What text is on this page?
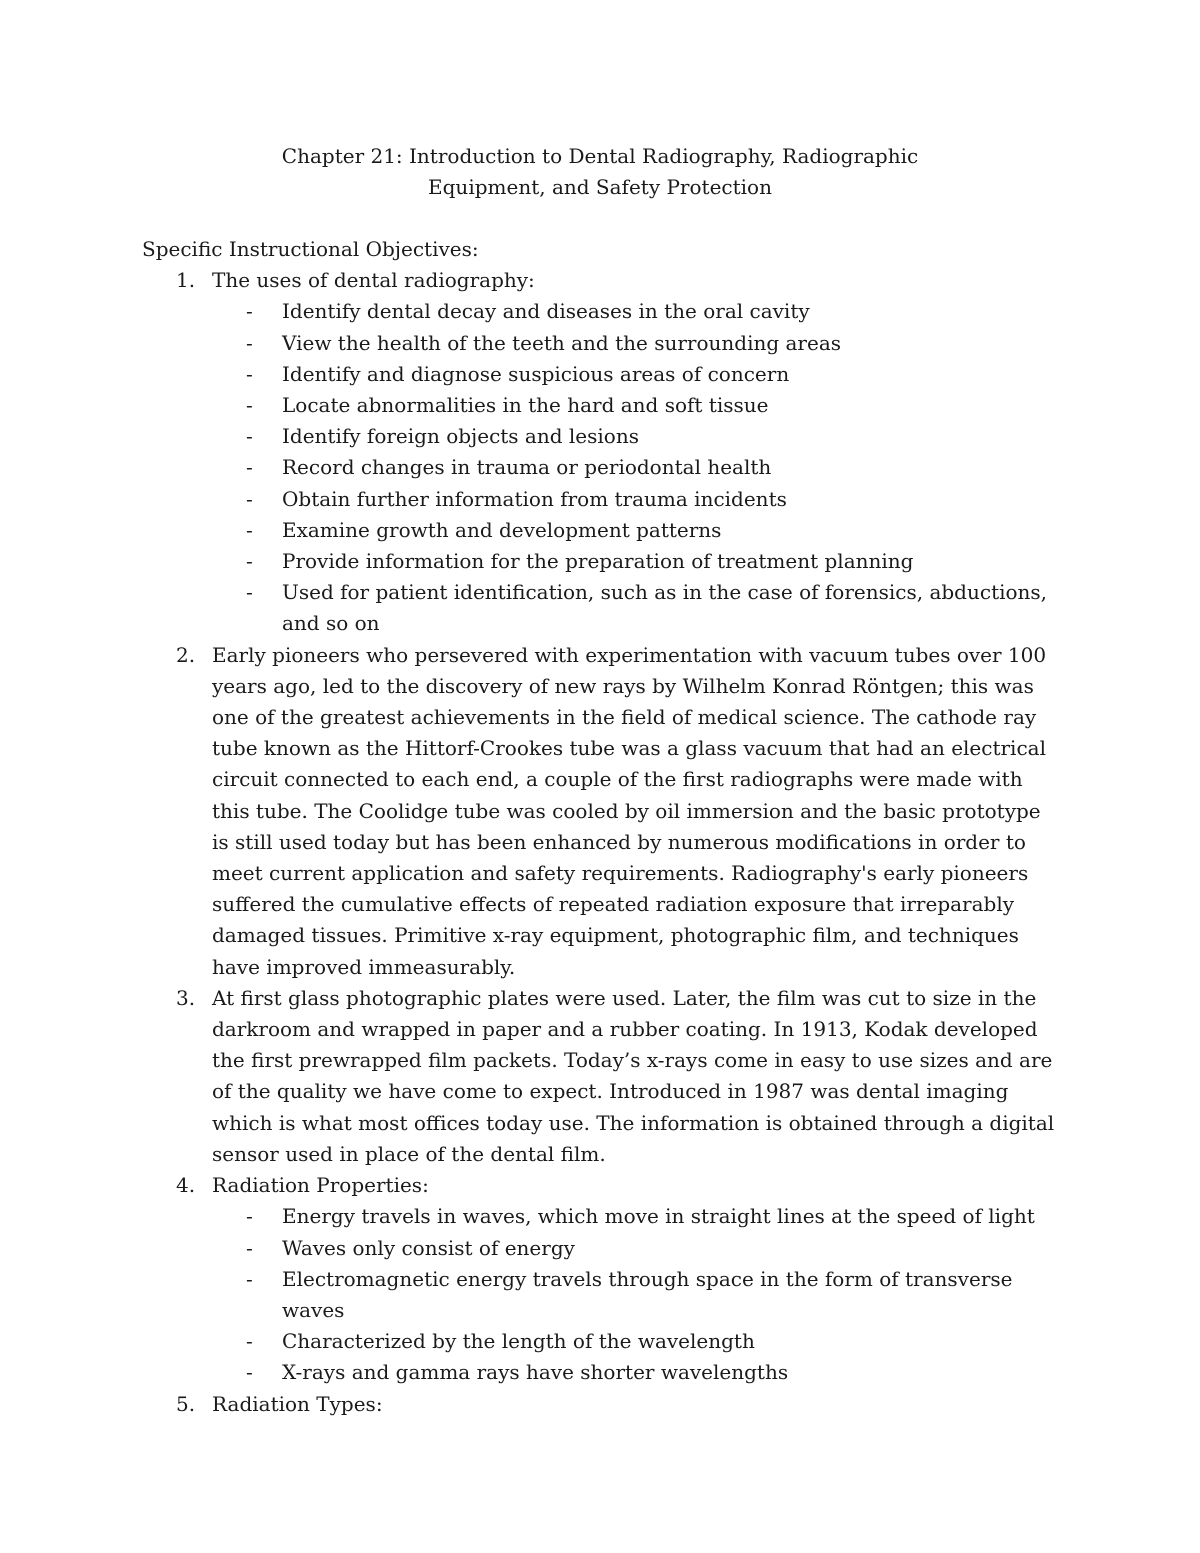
Chapter 21: Introduction to Dental Radiography, Radiographic
Equipment, and Safety Protection
Specific Instructional Objectives:
1. The uses of dental radiography:
- Identify dental decay and diseases in the oral cavity
- View the health of the teeth and the surrounding areas
- Identify and diagnose suspicious areas of concern
- Locate abnormalities in the hard and soft tissue
- Identify foreign objects and lesions
- Record changes in trauma or periodontal health
- Obtain further information from trauma incidents
- Examine growth and development patterns
- Provide information for the preparation of treatment planning
- Used for patient identification, such as in the case of forensics, abductions, and so on
2. Early pioneers who persevered with experimentation with vacuum tubes over 100 years ago, led to the discovery of new rays by Wilhelm Konrad Röntgen; this was one of the greatest achievements in the field of medical science. The cathode ray tube known as the Hittorf-Crookes tube was a glass vacuum that had an electrical circuit connected to each end, a couple of the first radiographs were made with this tube. The Coolidge tube was cooled by oil immersion and the basic prototype is still used today but has been enhanced by numerous modifications in order to meet current application and safety requirements. Radiography's early pioneers suffered the cumulative effects of repeated radiation exposure that irreparably damaged tissues. Primitive x-ray equipment, photographic film, and techniques have improved immeasurably.
3. At first glass photographic plates were used. Later, the film was cut to size in the darkroom and wrapped in paper and a rubber coating. In 1913, Kodak developed the first prewrapped film packets. Today’s x-rays come in easy to use sizes and are of the quality we have come to expect. Introduced in 1987 was dental imaging which is what most offices today use. The information is obtained through a digital sensor used in place of the dental film.
4. Radiation Properties:
- Energy travels in waves, which move in straight lines at the speed of light
- Waves only consist of energy
- Electromagnetic energy travels through space in the form of transverse waves
- Characterized by the length of the wavelength
- X-rays and gamma rays have shorter wavelengths
5. Radiation Types:
